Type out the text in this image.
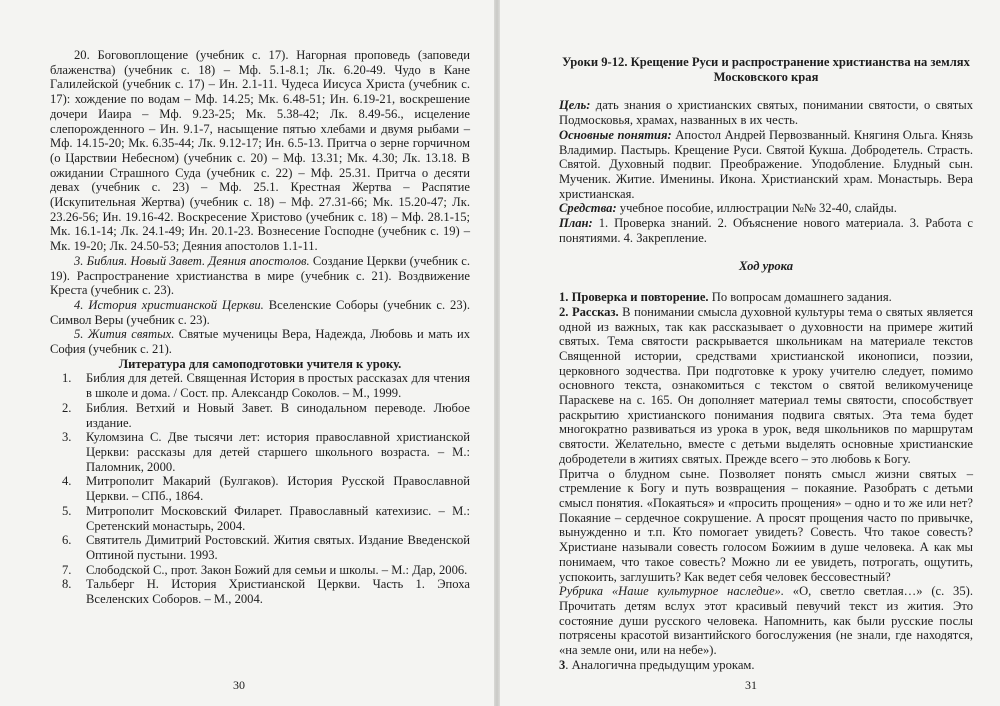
20. Боговоплощение (учебник с. 17). Нагорная проповедь (заповеди блаженства) (учебник с. 18) – Мф. 5.1-8.1; Лк. 6.20-49. Чудо в Кане Галилейской (учебник с. 17) – Ин. 2.1-11. Чудеса Иисуса Христа (учебник с. 17): хождение по водам – Мф. 14.25; Мк. 6.48-51; Ин. 6.19-21, воскрешение дочери Иаира – Мф. 9.23-25; Мк. 5.38-42; Лк. 8.49-56., исцеление слепорожденного – Ин. 9.1-7, насыщение пятью хлебами и двумя рыбами – Мф. 14.15-20; Мк. 6.35-44; Лк. 9.12-17; Ин. 6.5-13. Притча о зерне горчичном (о Царствии Небесном) (учебник с. 20) – Мф. 13.31; Мк. 4.30; Лк. 13.18. В ожидании Страшного Суда (учебник с. 22) – Мф. 25.31. Притча о десяти девах (учебник с. 23) – Мф. 25.1. Крестная Жертва – Распятие (Искупительная Жертва) (учебник с. 18) – Мф. 27.31-66; Мк. 15.20-47; Лк. 23.26-56; Ин. 19.16-42. Воскресение Христово (учебник с. 18) – Мф. 28.1-15; Мк. 16.1-14; Лк. 24.1-49; Ин. 20.1-23. Вознесение Господне (учебник с. 19) – Мк. 19-20; Лк. 24.50-53; Деяния апостолов 1.1-11.

3. Библия. Новый Завет. Деяния апостолов. Создание Церкви (учебник с. 19). Распространение христианства в мире (учебник с. 21). Воздвижение Креста (учебник с. 23).

4. История христианской Церкви. Вселенские Соборы (учебник с. 23). Символ Веры (учебник с. 23).

5. Жития святых. Святые мученицы Вера, Надежда, Любовь и мать их София (учебник с. 21).

Литература для самоподготовки учителя к уроку.

1. Библия для детей. Священная История в простых рассказах для чтения в школе и дома. / Сост. пр. Александр Соколов. – М., 1999.
2. Библия. Ветхий и Новый Завет. В синодальном переводе. Любое издание.
3. Куломзина С. Две тысячи лет: история православной христианской Церкви: рассказы для детей старшего школьного возраста. – М.: Паломник, 2000.
4. Митрополит Макарий (Булгаков). История Русской Православной Церкви. – СПб., 1864.
5. Митрополит Московский Филарет. Православный катехизис. – М.: Сретенский монастырь, 2004.
6. Святитель Димитрий Ростовский. Жития святых. Издание Введенской Оптиной пустыни. 1993.
7. Слободской С., прот. Закон Божий для семьи и школы. – М.: Дар, 2006.
8. Тальберг Н. История Христианской Церкви. Часть 1. Эпоха Вселенских Соборов. – М., 2004.
30

Уроки 9-12. Крещение Руси и распространение христианства на землях Московского края

Цель: дать знания о христианских святых, понимании святости, о святых Подмосковья, храмах, названных в их честь.

Основные понятия: Апостол Андрей Первозванный. Княгиня Ольга. Князь Владимир. Пастырь. Крещение Руси. Святой Кукша. Добродетель. Страсть. Святой. Духовный подвиг. Преображение. Уподобление. Блудный сын. Мученик. Житие. Именины. Икона. Христианский храм. Монастырь. Вера христианская.

Средства: учебное пособие, иллюстрации №№ 32-40, слайды.

План: 1. Проверка знаний. 2. Объяснение нового материала. 3. Работа с понятиями. 4. Закрепление.

Ход урока

1. Проверка и повторение. По вопросам домашнего задания.

2. Рассказ. В понимании смысла духовной культуры тема о святых является одной из важных, так как рассказывает о духовности на примере житий святых. Тема святости раскрывается школьникам на материале текстов Священной истории, средствами христианской иконописи, поэзии, церковного зодчества. При подготовке к уроку учителю следует, помимо основного текста, ознакомиться с текстом о святой великомученице Параскеве на с. 165. Он дополняет материал темы святости, способствует раскрытию христианского понимания подвига святых. Эта тема будет многократно развиваться из урока в урок, ведя школьников по маршрутам святости. Желательно, вместе с детьми выделять основные христианские добродетели в житиях святых. Прежде всего – это любовь к Богу.

Притча о блудном сыне. Позволяет понять смысл жизни святых – стремление к Богу и путь возвращения – покаяние. Разобрать с детьми смысл понятия. «Покаяться» и «просить прощения» – одно и то же или нет? Покаяние – сердечное сокрушение. А просят прощения часто по привычке, вынужденно и т.п. Кто помогает увидеть? Совесть. Что такое совесть? Христиане называли совесть голосом Божиим в душе человека. А как мы понимаем, что такое совесть? Можно ли ее увидеть, потрогать, ощутить, успокоить, заглушить? Как ведет себя человек бессовестный?

Рубрика «Наше культурное наследие». «О, светло светлая…» (с. 35). Прочитать детям вслух этот красивый певучий текст из жития. Это состояние души русского человека. Напомнить, как были русские послы потрясены красотой византийского богослужения (не знали, где находятся, «на земле они, или на небе»).

3. Аналогична предыдущим урокам.

31
